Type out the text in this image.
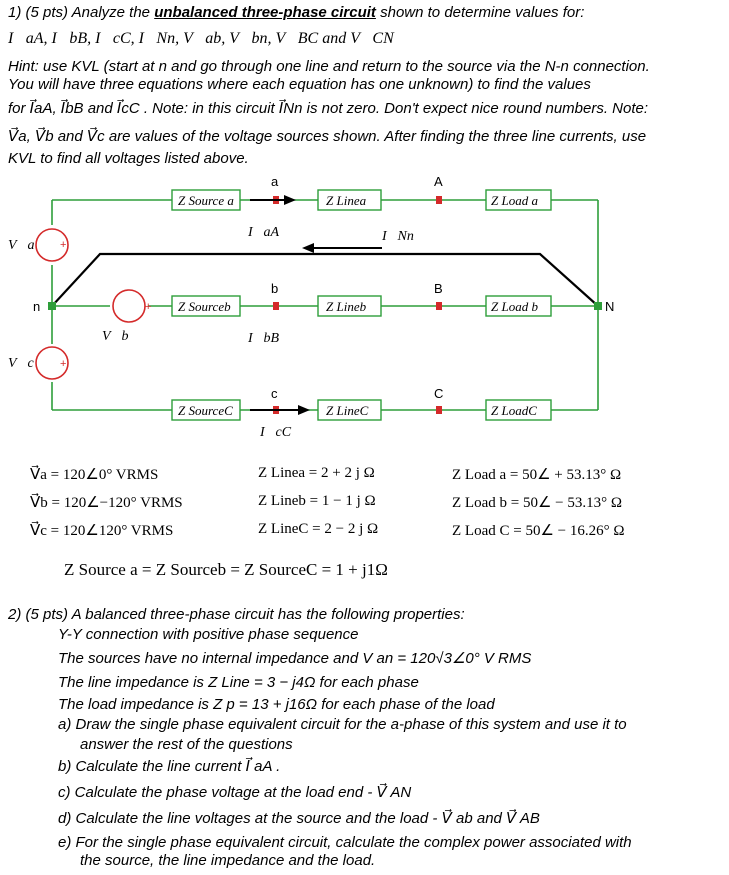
1) (5 pts) Analyze the unbalanced three-phase circuit shown to determine values for:
I⃗aA, I⃗bB, I⃗cC, I⃗Nn, V⃗ab, V⃗bn, V⃗BC and V⃗CN
Hint: use KVL (start at n and go through one line and return to the source via the N-n connection.
You will have three equations where each equation has one unknown) to find the values
for I⃗aA, I⃗bB and I⃗cC . Note: in this circuit I⃗Nn is not zero. Don't expect nice round numbers. Note:
V⃗a, V⃗b and V⃗c are values of the voltage sources shown. After finding the three line currents, use
KVL to find all voltages listed above.
+
+
+
Z Source a	Z Linea	Z Load a
Z Sourceb	Z Lineb	Z Load b
Z SourceC	Z LineC	Z LoadC
a	A
b	B
c	C
n	N
V⃗a
V⃗b
V⃗c
I⃗aA	I⃗Nn
I⃗bB
I⃗cC
V⃗a = 120∠0° VRMS
V⃗b = 120∠−120° VRMS
V⃗c = 120∠120° VRMS
Z Linea = 2 + 2 j Ω
Z Lineb = 1 − 1 j Ω
Z LineC = 2 − 2 j Ω
Z Load a = 50∠ + 53.13° Ω
Z Load b = 50∠ − 53.13° Ω
Z Load C = 50∠ − 16.26° Ω
Z Source a = Z Sourceb = Z SourceC = 1 + j1Ω
2) (5 pts) A balanced three-phase circuit has the following properties:
Y-Y connection with positive phase sequence
The sources have no internal impedance and V an = 120√3∠0° V RMS
The line impedance is Z Line = 3 − j4Ω for each phase
The load impedance is Z p = 13 + j16Ω for each phase of the load
a) Draw the single phase equivalent circuit for the a-phase of this system and use it to
answer the rest of the questions
b) Calculate the line current I⃗ aA .
c) Calculate the phase voltage at the load end - V⃗ AN
d) Calculate the line voltages at the source and the load - V⃗ ab and V⃗ AB
e) For the single phase equivalent circuit, calculate the complex power associated with
the source, the line impedance and the load.
